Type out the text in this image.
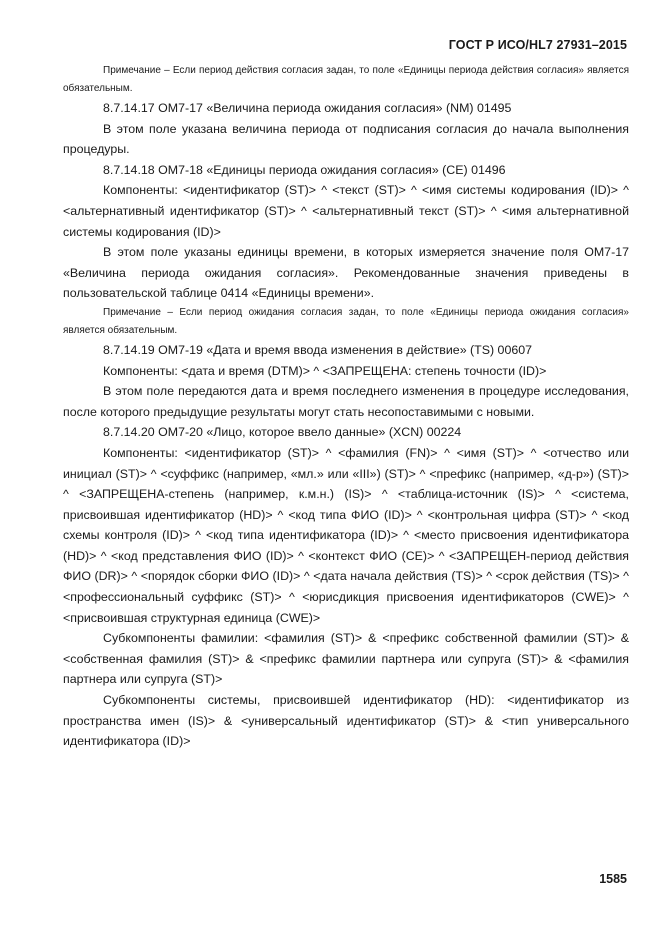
ГОСТ Р ИСО/HL7 27931–2015

Примечание – Если период действия согласия задан, то поле «Единицы периода действия согласия» является обязательным.

8.7.14.17 ОМ7-17 «Величина периода ожидания согласия» (NM) 01495

В этом поле указана величина периода от подписания согласия до начала выполнения процедуры.

8.7.14.18 ОМ7-18 «Единицы периода ожидания согласия» (CE) 01496

Компоненты: <идентификатор (ST)> ^ <текст (ST)> ^ <имя системы кодирования (ID)> ^ <альтернативный идентификатор (ST)> ^ <альтернативный текст (ST)> ^ <имя альтернативной системы кодирования (ID)>

В этом поле указаны единицы времени, в которых измеряется значение поля ОМ7-17 «Величина периода ожидания согласия». Рекомендованные значения приведены в пользовательской таблице 0414 «Единицы времени».

Примечание – Если период ожидания согласия задан, то поле «Единицы периода ожидания согласия» является обязательным.

8.7.14.19 ОМ7-19 «Дата и время ввода изменения в действие» (TS) 00607

Компоненты: <дата и время (DTM)> ^ <ЗАПРЕЩЕНА: степень точности (ID)>

В этом поле передаются дата и время последнего изменения в процедуре исследования, после которого предыдущие результаты могут стать несопоставимыми с новыми.

8.7.14.20 ОМ7-20 «Лицо, которое ввело данные» (XCN) 00224

Компоненты: <идентификатор (ST)> ^ <фамилия (FN)> ^ <имя (ST)> ^ <отчество или инициал (ST)> ^ <суффикс (например, «мл.» или «III») (ST)> ^ <префикс (например, «д-р») (ST)> ^ <ЗАПРЕЩЕНА-степень (например, к.м.н.) (IS)> ^ <таблица-источник (IS)> ^ <система, присвоившая идентификатор (HD)> ^ <код типа ФИО (ID)> ^ <контрольная цифра (ST)> ^ <код схемы контроля (ID)> ^ <код типа идентификатора (ID)> ^ <место присвоения идентификатора (HD)> ^ <код представления ФИО (ID)> ^ <контекст ФИО (CE)> ^ <ЗАПРЕЩЕН-период действия ФИО (DR)> ^ <порядок сборки ФИО (ID)> ^ <дата начала действия (TS)> ^ <срок действия (TS)> ^ <профессиональный суффикс (ST)> ^ <юрисдикция присвоения идентификаторов (CWE)> ^ <присвоившая структурная единица (CWE)>

Субкомпоненты фамилии: <фамилия (ST)> & <префикс собственной фамилии (ST)> & <собственная фамилия (ST)> & <префикс фамилии партнера или супруга (ST)> & <фамилия партнера или супруга (ST)>

Субкомпоненты системы, присвоившей идентификатор (HD): <идентификатор из пространства имен (IS)> & <универсальный идентификатор (ST)> & <тип универсального идентификатора (ID)>

1585
